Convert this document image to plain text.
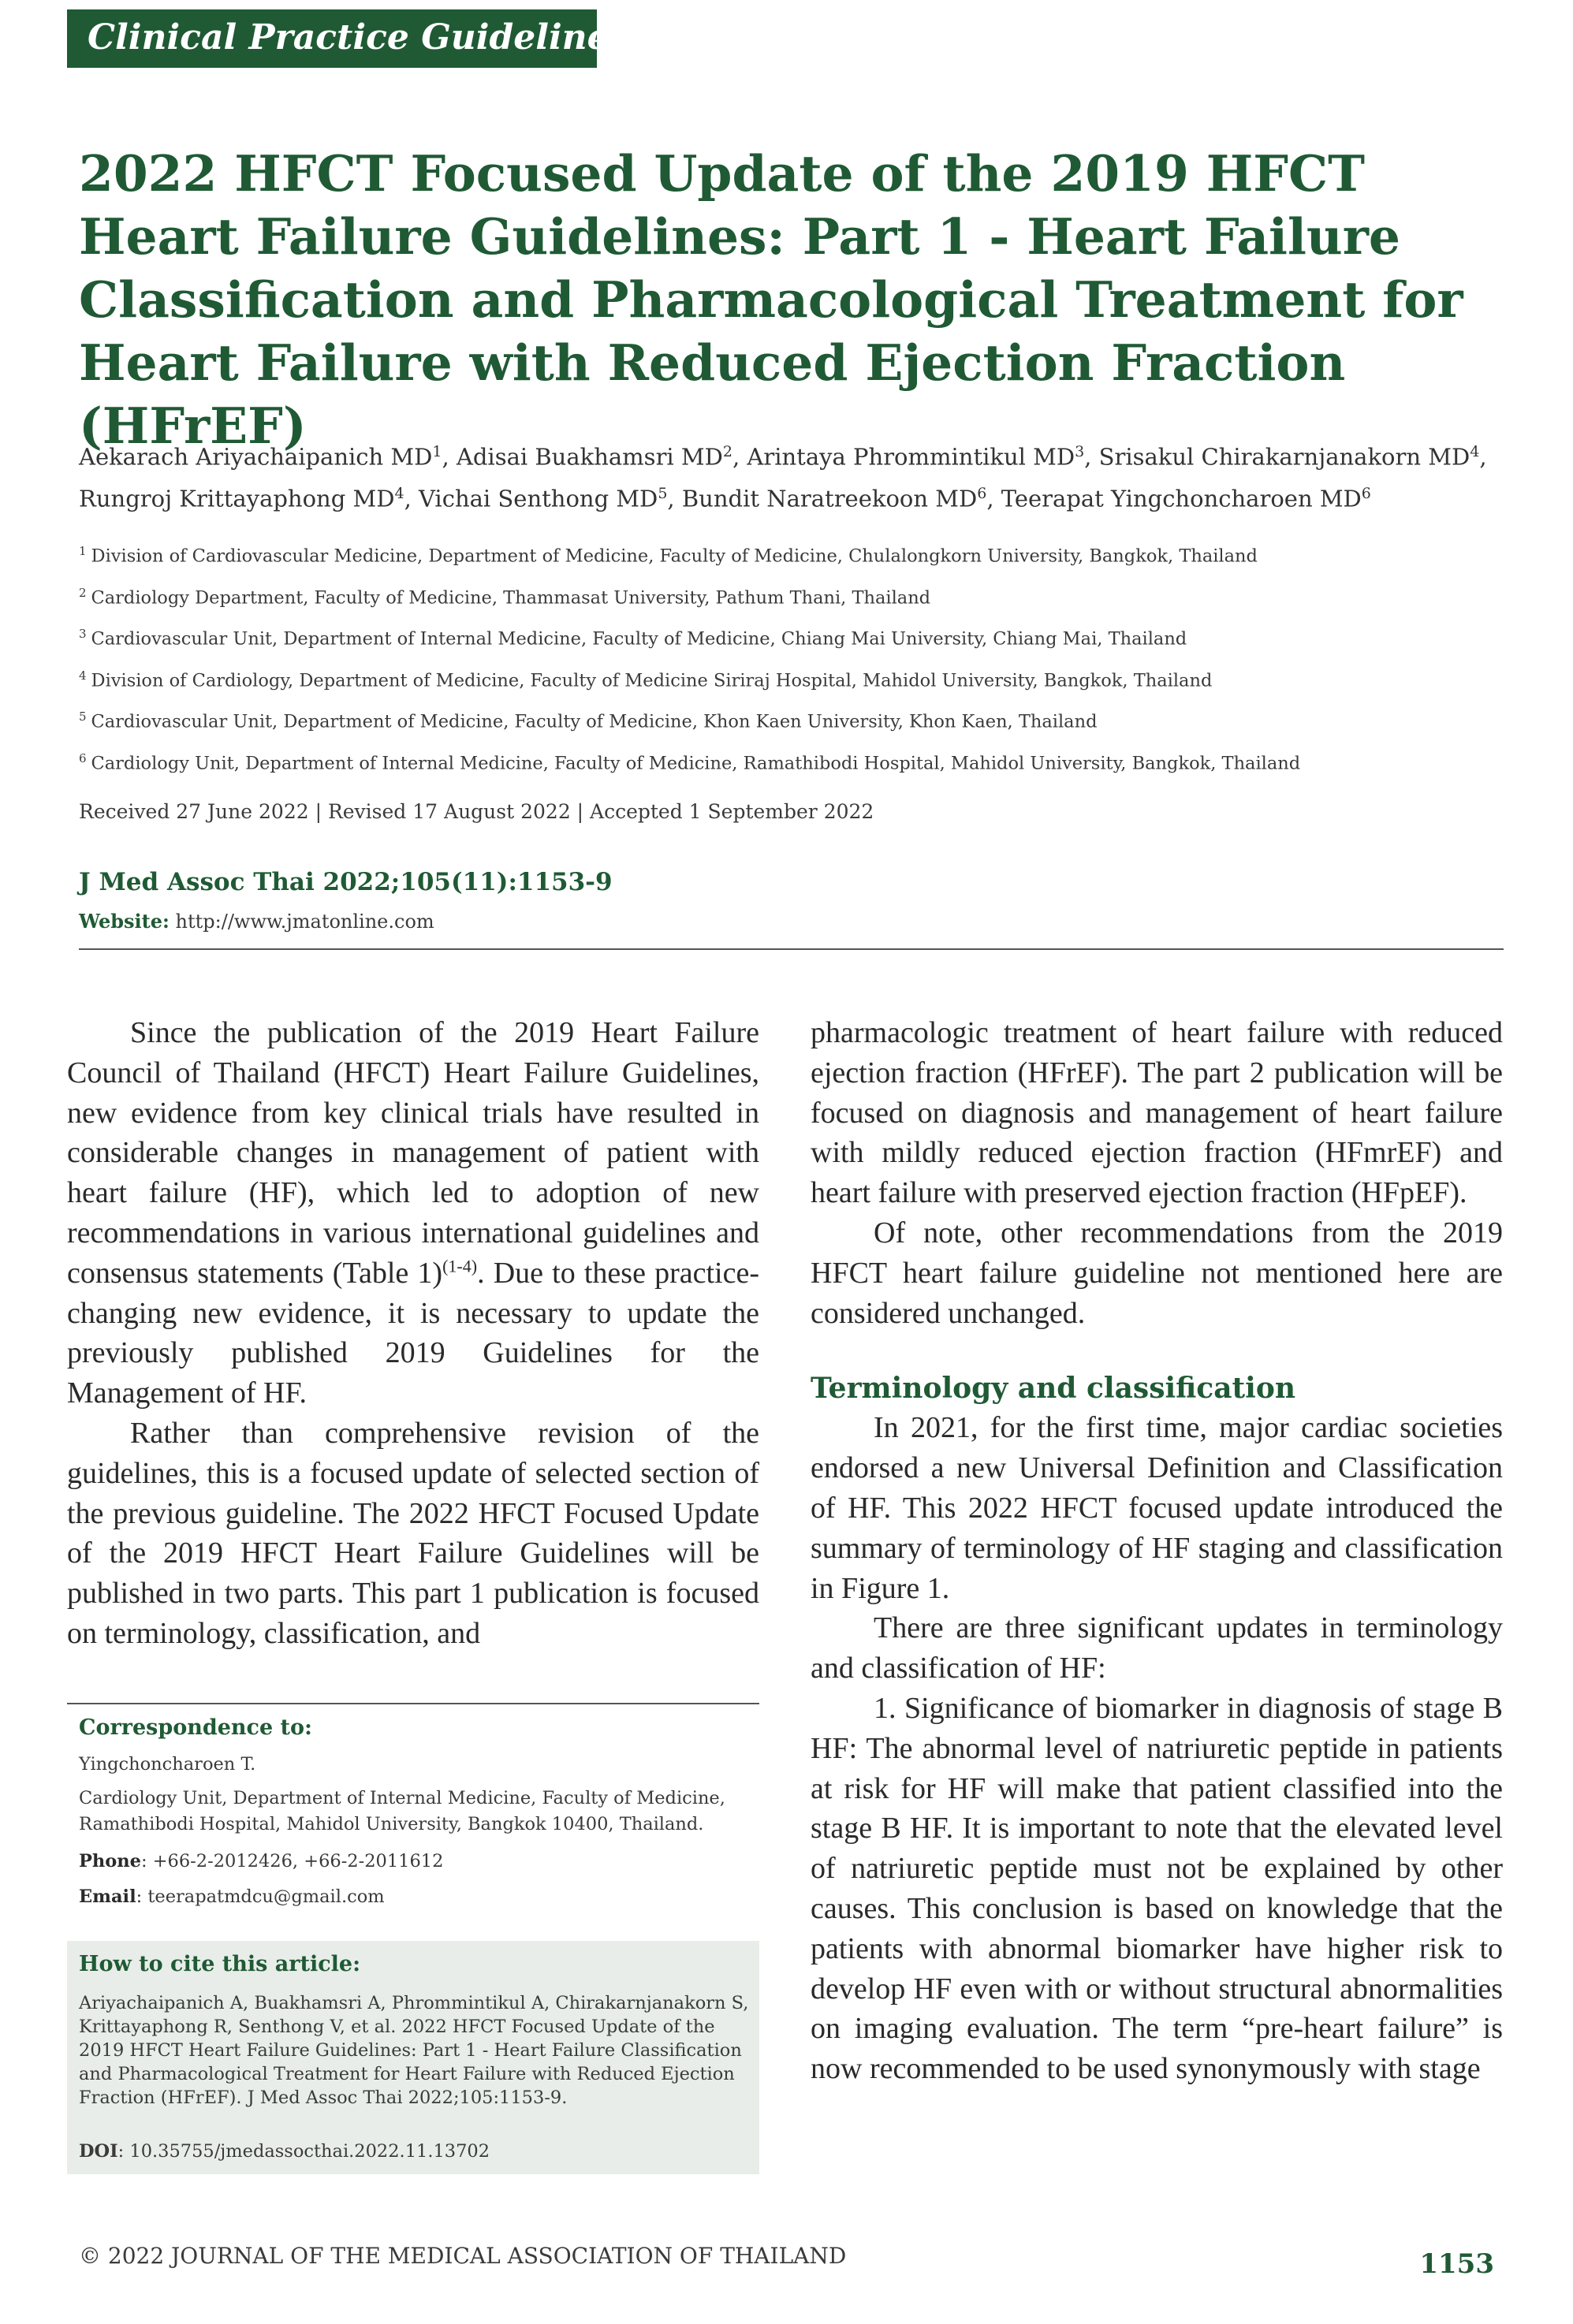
Clinical Practice Guideline
2022 HFCT Focused Update of the 2019 HFCT Heart Failure Guidelines: Part 1 - Heart Failure Classification and Pharmacological Treatment for Heart Failure with Reduced Ejection Fraction (HFrEF)

Aekarach Ariyachaipanich $MD^1$, Adisai Buakhamsri $MD^2$, Arintaya Phrommintikul $MD^3$, Srisakul Chirakarnjanakorn $MD^4$,
Rungroj Krittayaphong $MD^4$, Vichai Senthong $MD^5$, Bundit Naratreekoon $MD^6$, Teerapat Yingchoncharoen $MD^6$

$^1$ Division of Cardiovascular Medicine, Department of Medicine, Faculty of Medicine, Chulalongkorn University, Bangkok, Thailand
$^2$ Cardiology Department, Faculty of Medicine, Thammasat University, Pathum Thani, Thailand
$^3$ Cardiovascular Unit, Department of Internal Medicine, Faculty of Medicine, Chiang Mai University, Chiang Mai, Thailand
$^4$ Division of Cardiology, Department of Medicine, Faculty of Medicine Siriraj Hospital, Mahidol University, Bangkok, Thailand
$^5$ Cardiovascular Unit, Department of Medicine, Faculty of Medicine, Khon Kaen University, Khon Kaen, Thailand
$^6$ Cardiology Unit, Department of Internal Medicine, Faculty of Medicine, Ramathibodi Hospital, Mahidol University, Bangkok, Thailand
Received 27 June 2022 | Revised 17 August 2022 | Accepted 1 September 2022
J Med Assoc Thai 2022;105(11):1153-9
Website: http://www.jmatonline.com

Since the publication of the 2019 Heart Failure Council of Thailand (HFCT) Heart Failure Guidelines, new evidence from key clinical trials have resulted in considerable changes in management of patient with heart failure (HF), which led to adoption of new recommendations in various international guidelines and consensus statements (Table 1)$^{(1-4)}$. Due to these practice-changing new evidence, it is necessary to update the previously published 2019 Guidelines for the Management of HF.

Rather than comprehensive revision of the guidelines, this is a focused update of selected section of the previous guideline. The 2022 HFCT Focused Update of the 2019 HFCT Heart Failure Guidelines will be published in two parts. This part 1 publication is focused on terminology, classification, and

Correspondence to:

Yingchoncharoen T.

Cardiology Unit, Department of Internal Medicine, Faculty of Medicine, Ramathibodi Hospital, Mahidol University, Bangkok 10400, Thailand.

Phone: +66-2-2012426, +66-2-2011612

Email: teerapatmdcu@gmail.com

How to cite this article:

Ariyachaipanich A, Buakhamsri A, Phrommintikul A, Chirakarnjanakorn S, Krittayaphong R, Senthong V, et al. 2022 HFCT Focused Update of the 2019 HFCT Heart Failure Guidelines: Part 1 - Heart Failure Classification and Pharmacological Treatment for Heart Failure with Reduced Ejection Fraction (HFrEF). J Med Assoc Thai 2022;105:1153-9.

DOI: 10.35755/jmedassocthai.2022.11.13702

pharmacologic treatment of heart failure with reduced ejection fraction (HFrEF). The part 2 publication will be focused on diagnosis and management of heart failure with mildly reduced ejection fraction (HFmrEF) and heart failure with preserved ejection fraction (HFpEF).

Of note, other recommendations from the 2019 HFCT heart failure guideline not mentioned here are considered unchanged.

Terminology and classification

In 2021, for the first time, major cardiac societies endorsed a new Universal Definition and Classification of HF. This 2022 HFCT focused update introduced the summary of terminology of HF staging and classification in Figure 1.

There are three significant updates in terminology and classification of HF:

1. Significance of biomarker in diagnosis of stage B HF: The abnormal level of natriuretic peptide in patients at risk for HF will make that patient classified into the stage B HF. It is important to note that the elevated level of natriuretic peptide must not be explained by other causes. This conclusion is based on knowledge that the patients with abnormal biomarker have higher risk to develop HF even with or without structural abnormalities on imaging evaluation. The term “pre-heart failure” is now recommended to be used synonymously with stage

© 2022 JOURNAL OF THE MEDICAL ASSOCIATION OF THAILAND	1153
